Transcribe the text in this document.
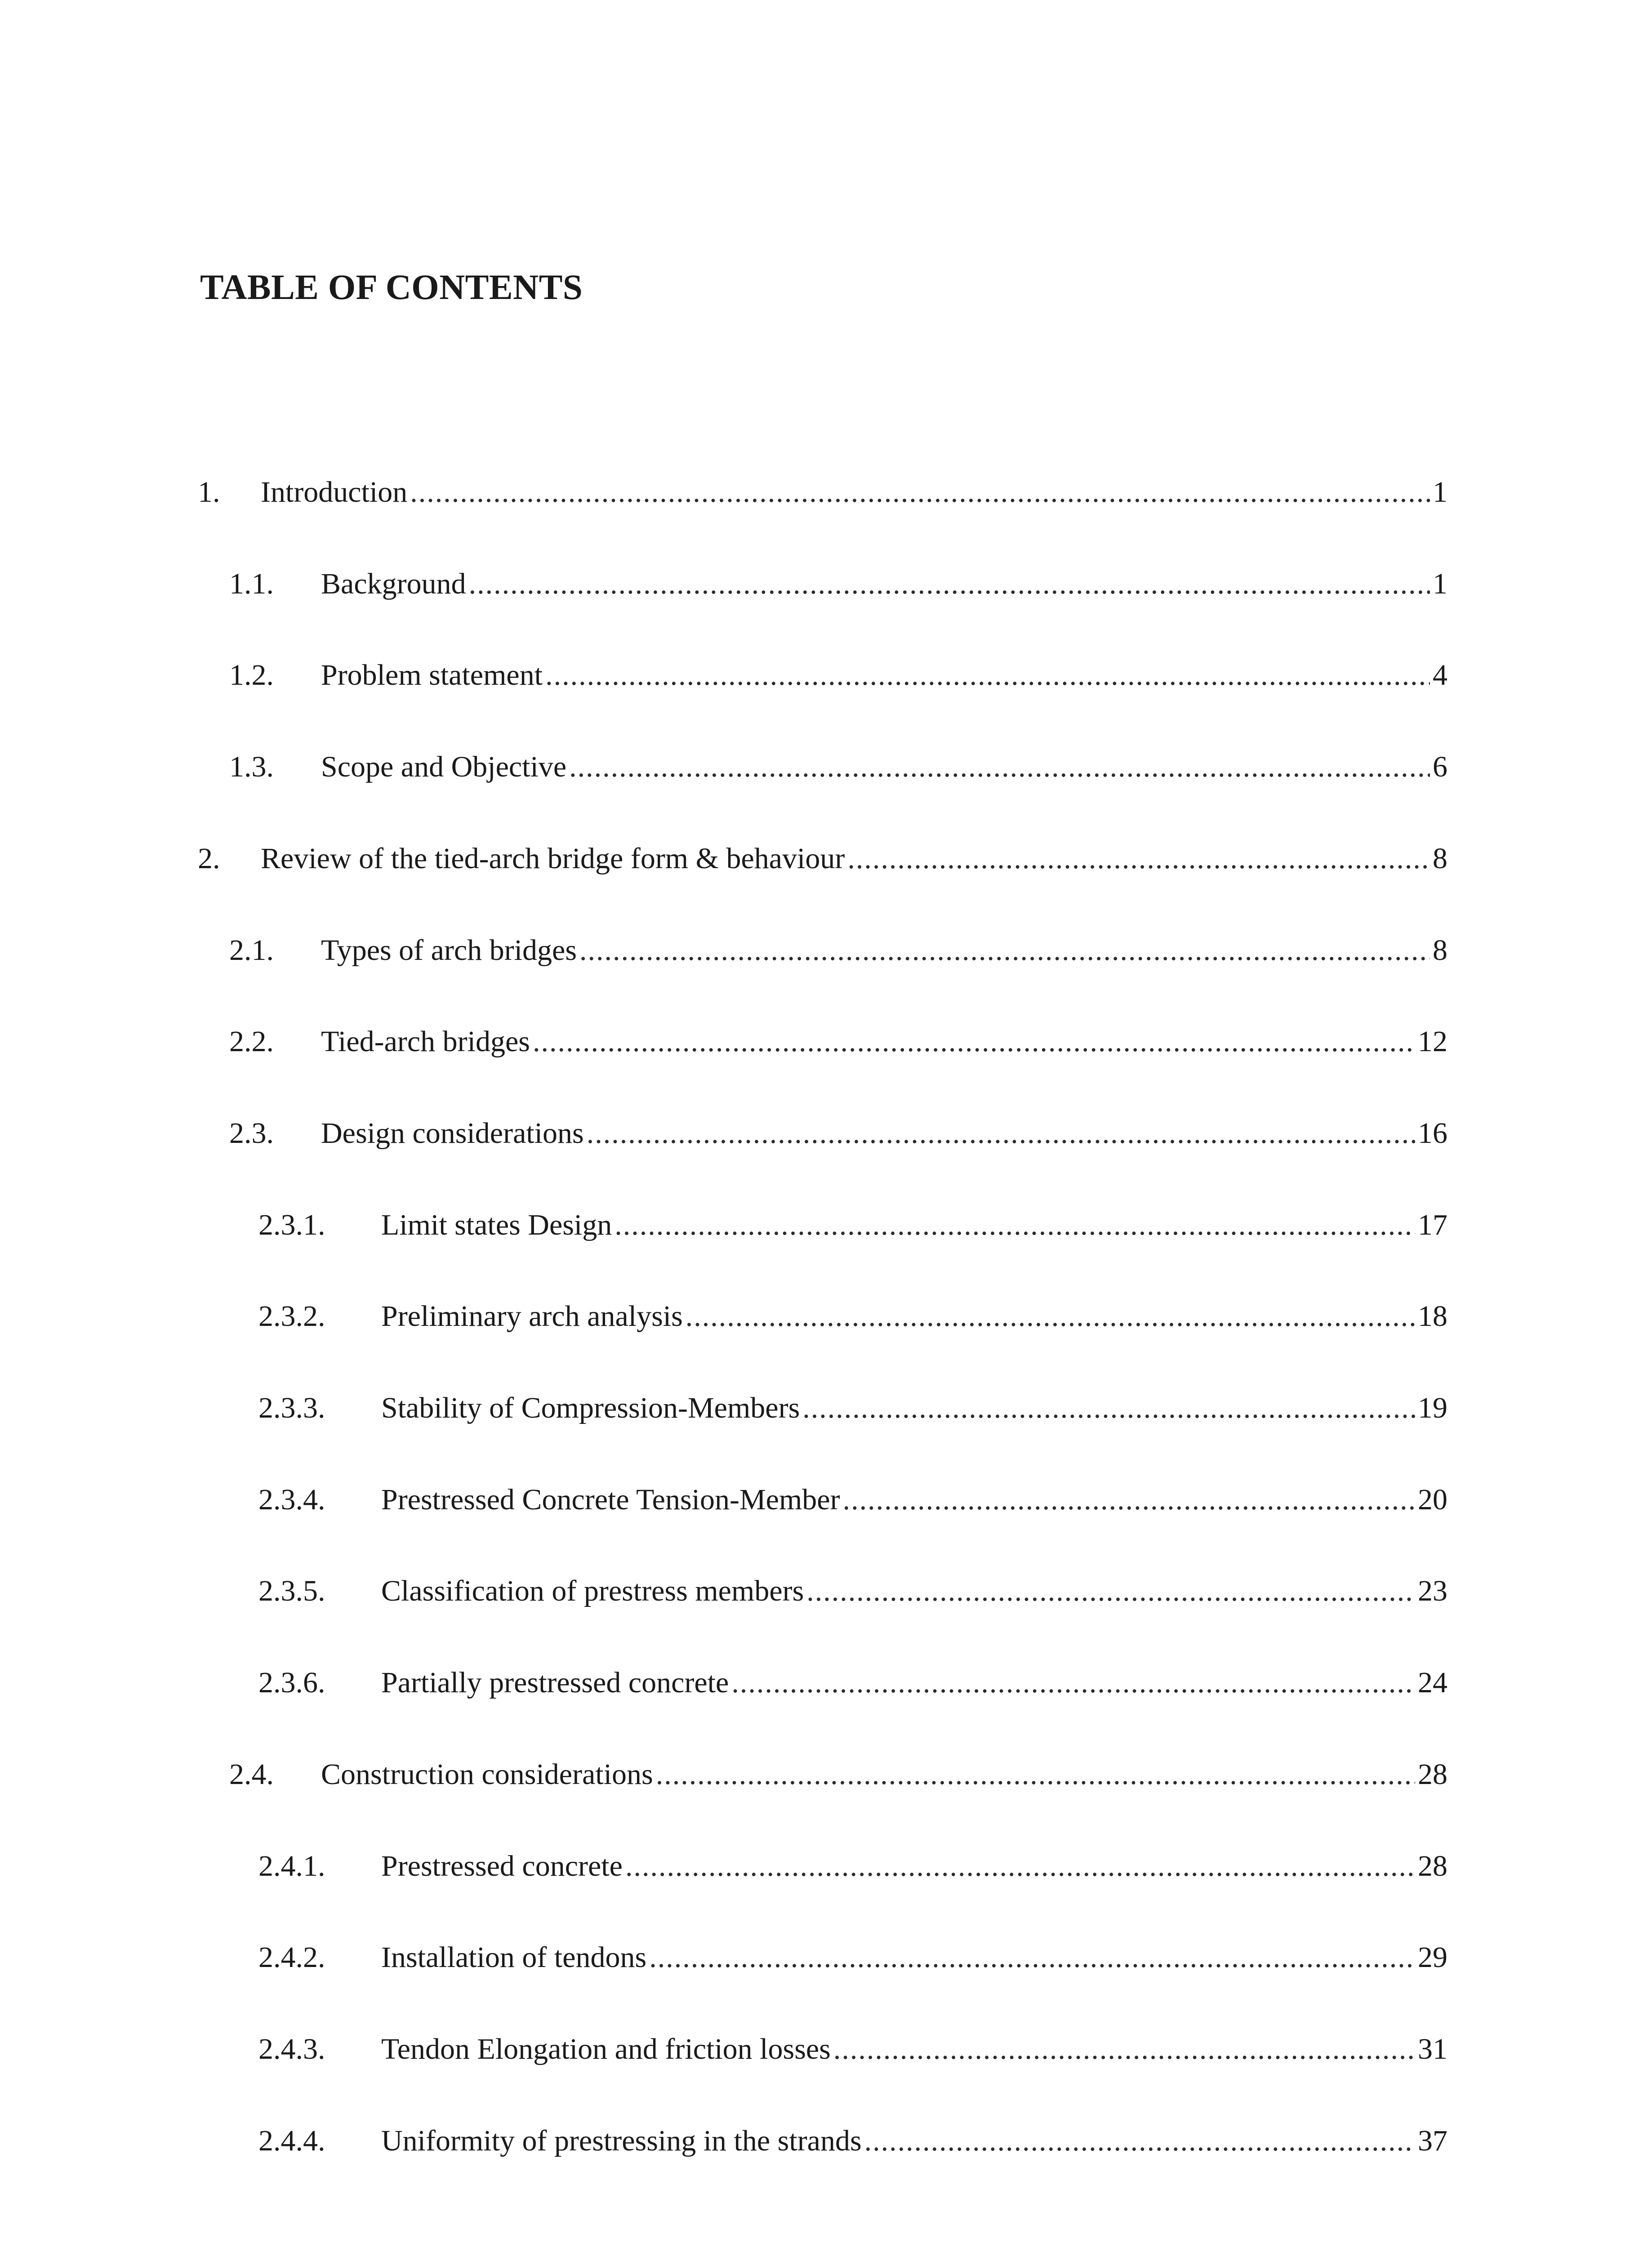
TABLE OF CONTENTS
1.	Introduction .....	1
1.1.	Background .....	1
1.2.	Problem statement .....	4
1.3.	Scope and Objective .....	6
2.	Review of the tied-arch bridge form & behaviour .....	8
2.1.	Types of arch bridges .....	8
2.2.	Tied-arch bridges .....	12
2.3.	Design considerations .....	16
2.3.1.	Limit states Design .....	17
2.3.2.	Preliminary arch analysis .....	18
2.3.3.	Stability of Compression-Members .....	19
2.3.4.	Prestressed Concrete Tension-Member .....	20
2.3.5.	Classification of prestress members .....	23
2.3.6.	Partially prestressed concrete .....	24
2.4.	Construction considerations .....	28
2.4.1.	Prestressed concrete .....	28
2.4.2.	Installation of tendons .....	29
2.4.3.	Tendon Elongation and friction losses .....	31
2.4.4.	Uniformity of prestressing in the strands .....	37
